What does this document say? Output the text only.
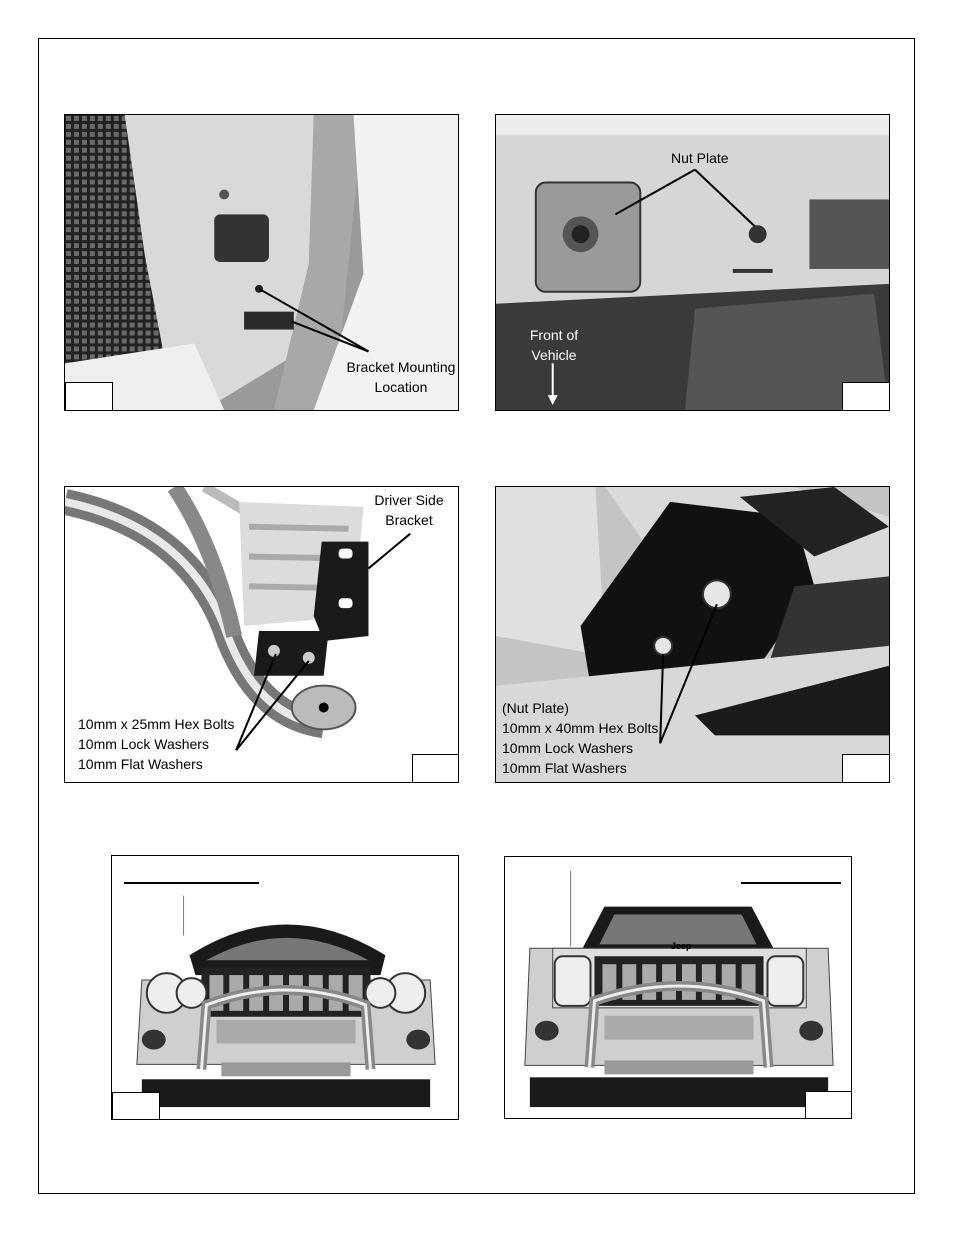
Bracket Mounting
Location
Nut Plate
Front of
Vehicle
Driver Side
Bracket
10mm x 25mm Hex Bolts
10mm Lock Washers
10mm Flat Washers
(Nut Plate)
10mm x 40mm Hex Bolts
10mm Lock Washers
10mm Flat Washers
Jeep
